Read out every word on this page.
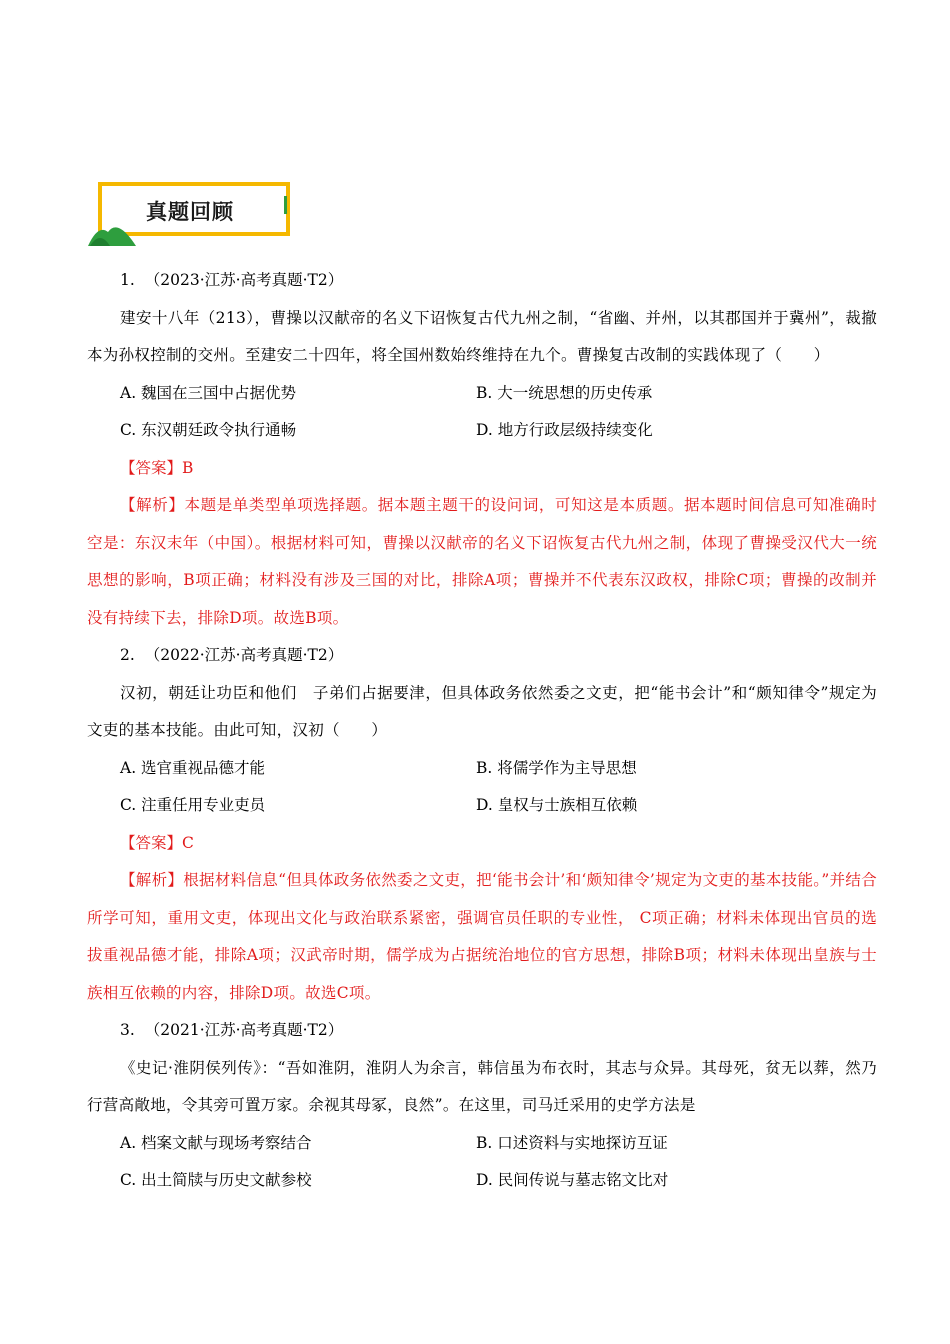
真题回顾
1. （2023·江苏·高考真题·T2）
建安十八年（213），曹操以汉献帝的名义下诏恢复古代九州之制，“省幽、并州，以其郡国并于冀州”，裁撤本为孙权控制的交州。至建安二十四年，将全国州数始终维持在九个。曹操复古改制的实践体现了（　　）
A. 魏国在三国中占据优势	B. 大一统思想的历史传承
C. 东汉朝廷政令执行通畅	D. 地方行政层级持续变化
【答案】B
【解析】本题是单类型单项选择题。据本题主题干的设问词，可知这是本质题。据本题时间信息可知准确时空是：东汉末年（中国）。根据材料可知，曹操以汉献帝的名义下诏恢复古代九州之制，体现了曹操受汉代大一统思想的影响，B项正确；材料没有涉及三国的对比，排除A项；曹操并不代表东汉政权，排除C项；曹操的改制并没有持续下去，排除D项。故选B项。
2. （2022·江苏·高考真题·T2）
汉初，朝廷让功臣和他们　子弟们占据要津，但具体政务依然委之文吏，把“能书会计”和“颇知律令”规定为文吏的基本技能。由此可知，汉初（　　）
A. 选官重视品德才能	B. 将儒学作为主导思想
C. 注重任用专业吏员	D. 皇权与士族相互依赖
【答案】C
【解析】根据材料信息“但具体政务依然委之文吏，把‘能书会计’和‘颇知律令’规定为文吏的基本技能。”并结合所学可知，重用文吏，体现出文化与政治联系紧密，强调官员任职的专业性， C项正确；材料未体现出官员的选拔重视品德才能，排除A项；汉武帝时期，儒学成为占据统治地位的官方思想，排除B项；材料未体现出皇族与士族相互依赖的内容，排除D项。故选C项。
3. （2021·江苏·高考真题·T2）
《史记·淮阴侯列传》：“吾如淮阴，淮阴人为余言，韩信虽为布衣时，其志与众异。其母死，贫无以葬，然乃行营高敞地，令其旁可置万家。余视其母冢，良然”。在这里，司马迁采用的史学方法是
A. 档案文献与现场考察结合	B. 口述资料与实地探访互证
C. 出土简牍与历史文献参校	D. 民间传说与墓志铭文比对
